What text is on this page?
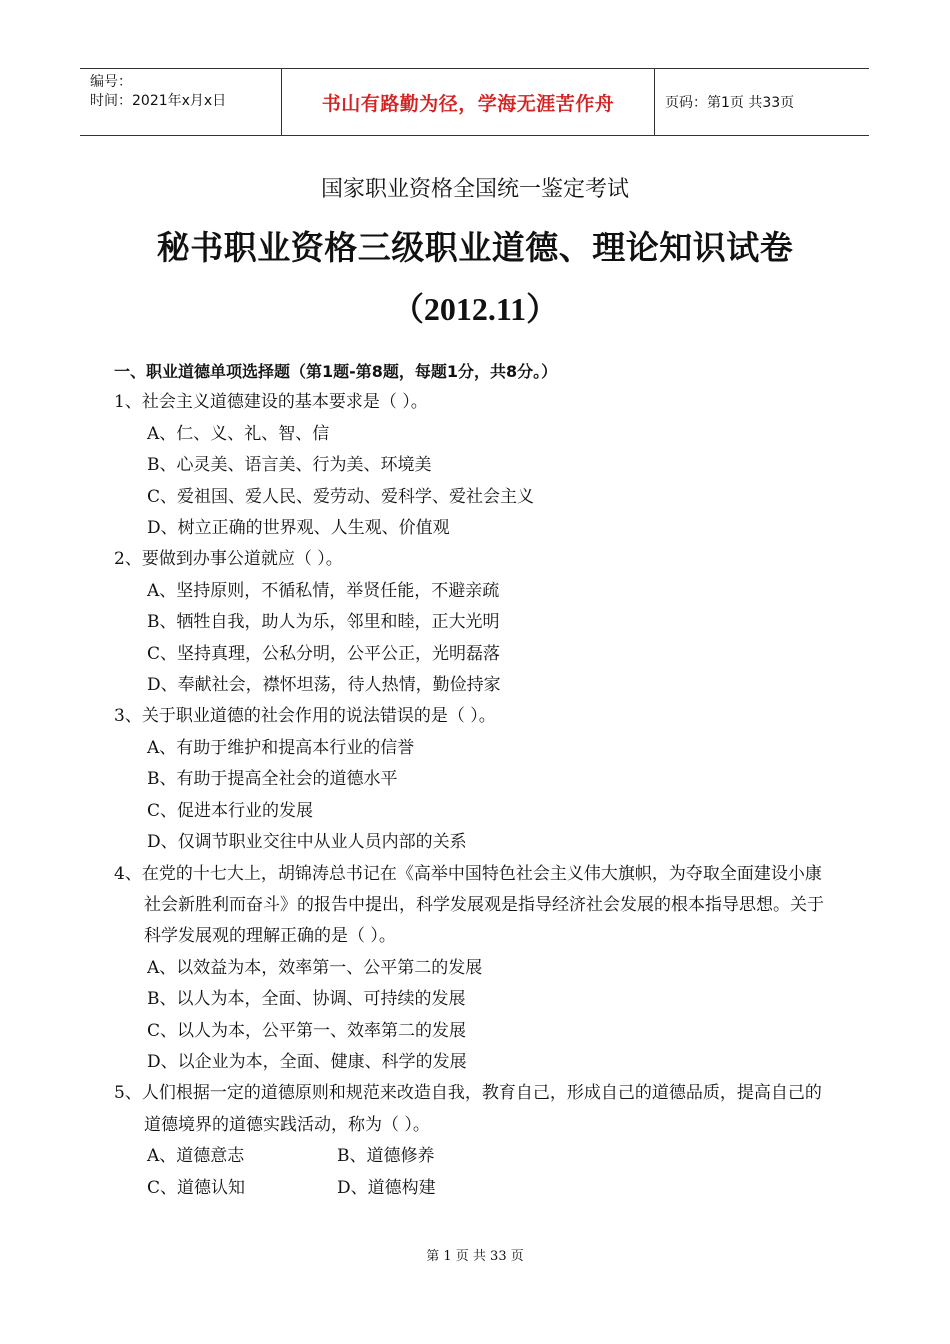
编号：
时间：2021年x月x日	书山有路勤为径，学海无涯苦作舟	页码：第1页 共33页
国家职业资格全国统一鉴定考试
秘书职业资格三级职业道德、理论知识试卷
（2012.11）
一、职业道德单项选择题（第1题-第8题，每题1分，共8分。）
1、社会主义道德建设的基本要求是（ ）。
A、仁、义、礼、智、信
B、心灵美、语言美、行为美、环境美
C、爱祖国、爱人民、爱劳动、爱科学、爱社会主义
D、树立正确的世界观、人生观、价值观
2、要做到办事公道就应（ ）。
A、坚持原则，不循私情，举贤任能，不避亲疏
B、牺牲自我，助人为乐，邻里和睦，正大光明
C、坚持真理，公私分明，公平公正，光明磊落
D、奉献社会，襟怀坦荡，待人热情，勤俭持家
3、关于职业道德的社会作用的说法错误的是（ ）。
A、有助于维护和提高本行业的信誉
B、有助于提高全社会的道德水平
C、促进本行业的发展
D、仅调节职业交往中从业人员内部的关系
4、在党的十七大上，胡锦涛总书记在《高举中国特色社会主义伟大旗帜，为夺取全面建设小康社会新胜利而奋斗》的报告中提出，科学发展观是指导经济社会发展的根本指导思想。关于科学发展观的理解正确的是（ ）。
A、以效益为本，效率第一、公平第二的发展
B、以人为本，全面、协调、可持续的发展
C、以人为本，公平第一、效率第二的发展
D、以企业为本，全面、健康、科学的发展
5、人们根据一定的道德原则和规范来改造自我，教育自己，形成自己的道德品质，提高自己的道德境界的道德实践活动，称为（ ）。
A、道德意志	B、道德修养
C、道德认知	D、道德构建
第 1 页 共 33 页
